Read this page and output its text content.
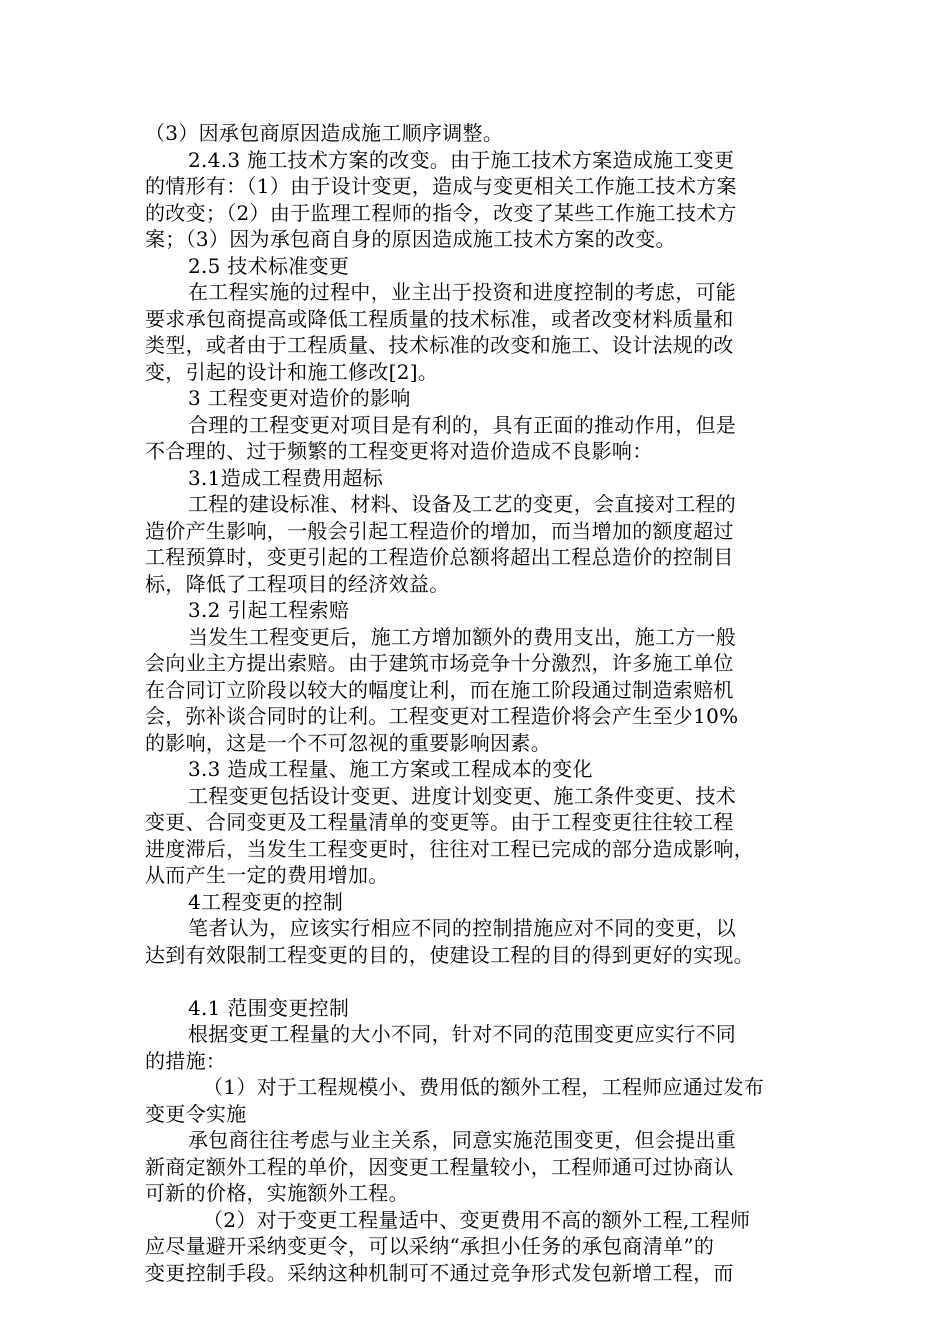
（3）因承包商原因造成施工顺序调整。
2.4.3 施工技术方案的改变。由于施工技术方案造成施工变更
的情形有：（1）由于设计变更，造成与变更相关工作施工技术方案
的改变；（2）由于监理工程师的指令，改变了某些工作施工技术方
案；（3）因为承包商自身的原因造成施工技术方案的改变。
2.5 技术标准变更
在工程实施的过程中，业主出于投资和进度控制的考虑，可能
要求承包商提高或降低工程质量的技术标准，或者改变材料质量和
类型，或者由于工程质量、技术标准的改变和施工、设计法规的改
变，引起的设计和施工修改[2]。
3 工程变更对造价的影响
合理的工程变更对项目是有利的，具有正面的推动作用，但是
不合理的、过于频繁的工程变更将对造价造成不良影响：
3.1造成工程费用超标
工程的建设标准、材料、设备及工艺的变更，会直接对工程的
造价产生影响，一般会引起工程造价的增加，而当增加的额度超过
工程预算时，变更引起的工程造价总额将超出工程总造价的控制目
标，降低了工程项目的经济效益。
3.2 引起工程索赔
当发生工程变更后，施工方增加额外的费用支出，施工方一般
会向业主方提出索赔。由于建筑市场竞争十分激烈，许多施工单位
在合同订立阶段以较大的幅度让利，而在施工阶段通过制造索赔机
会，弥补谈合同时的让利。工程变更对工程造价将会产生至少10%
的影响，这是一个不可忽视的重要影响因素。
3.3 造成工程量、施工方案或工程成本的变化
工程变更包括设计变更、进度计划变更、施工条件变更、技术
变更、合同变更及工程量清单的变更等。由于工程变更往往较工程
进度滞后，当发生工程变更时，往往对工程已完成的部分造成影响，
从而产生一定的费用增加。
4工程变更的控制
笔者认为，应该实行相应不同的控制措施应对不同的变更，以
达到有效限制工程变更的目的，使建设工程的目的得到更好的实现。
4.1 范围变更控制
根据变更工程量的大小不同，针对不同的范围变更应实行不同
的措施：
（1）对于工程规模小、费用低的额外工程，工程师应通过发布
变更令实施
承包商往往考虑与业主关系，同意实施范围变更，但会提出重
新商定额外工程的单价，因变更工程量较小，工程师通可过协商认
可新的价格，实施额外工程。
（2）对于变更工程量适中、变更费用不高的额外工程,工程师
应尽量避开采纳变更令，可以采纳“承担小任务的承包商清单”的
变更控制手段。采纳这种机制可不通过竞争形式发包新增工程，而
